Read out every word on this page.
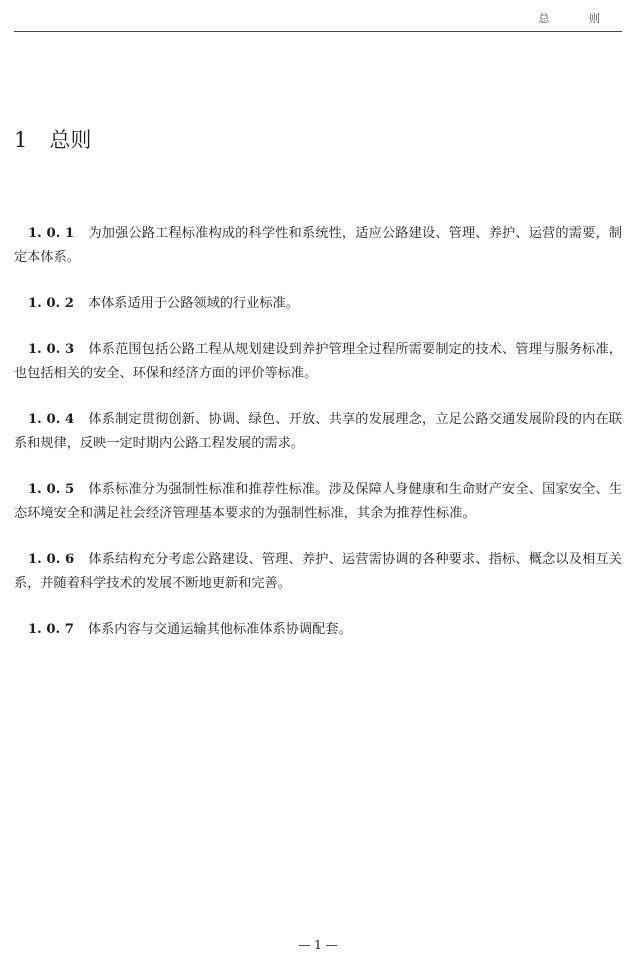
总 则
1 总则

1. 0. 1 为加强公路工程标准构成的科学性和系统性，适应公路建设、管理、养护、运营的需要，制定本体系。

1. 0. 2 本体系适用于公路领域的行业标准。

1. 0. 3 体系范围包括公路工程从规划建设到养护管理全过程所需要制定的技术、管理与服务标准，也包括相关的安全、环保和经济方面的评价等标准。

1. 0. 4 体系制定贯彻创新、协调、绿色、开放、共享的发展理念，立足公路交通发展阶段的内在联系和规律，反映一定时期内公路工程发展的需求。

1. 0. 5 体系标准分为强制性标准和推荐性标准。涉及保障人身健康和生命财产安全、国家安全、生态环境安全和满足社会经济管理基本要求的为强制性标准，其余为推荐性标准。

1. 0. 6 体系结构充分考虑公路建设、管理、养护、运营需协调的各种要求、指标、概念以及相互关系，并随着科学技术的发展不断地更新和完善。

1. 0. 7 体系内容与交通运输其他标准体系协调配套。

— 1 —
